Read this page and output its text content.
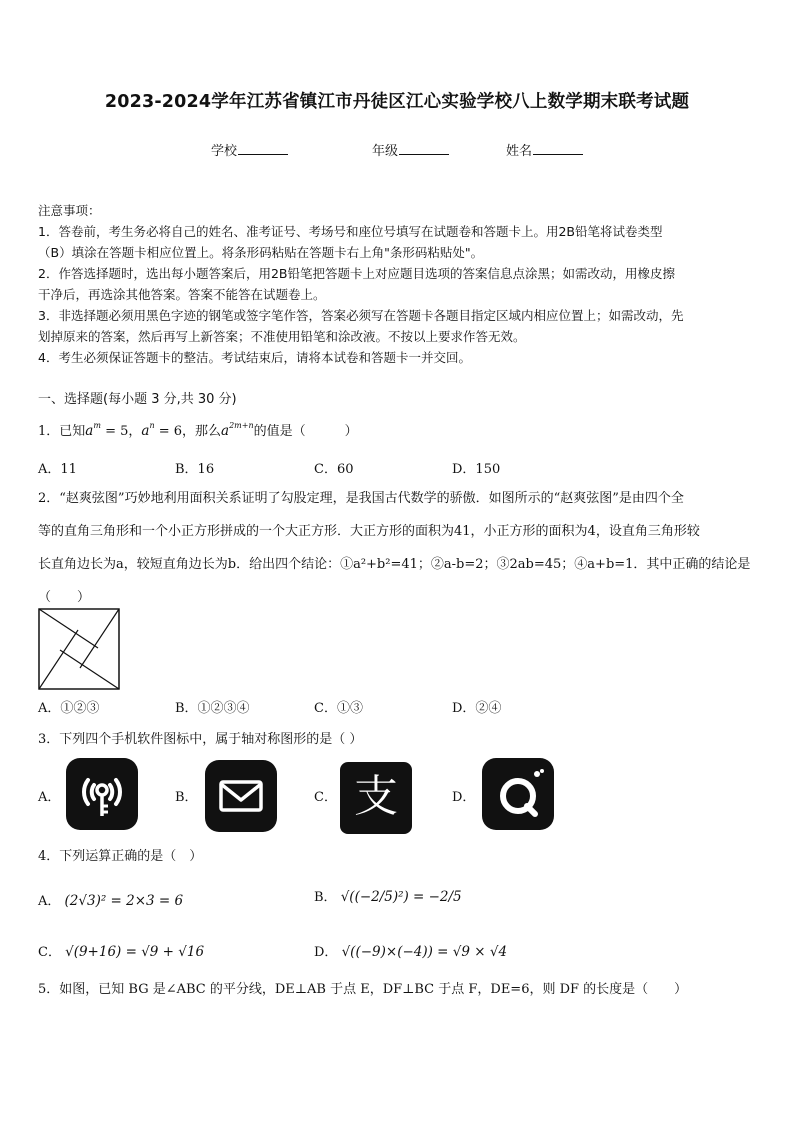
2023-2024学年江苏省镇江市丹徒区江心实验学校八上数学期末联考试题
学校	年级	姓名
注意事项：
1．答卷前，考生务必将自己的姓名、准考证号、考场号和座位号填写在试题卷和答题卡上。用2B铅笔将试卷类型
（B）填涂在答题卡相应位置上。将条形码粘贴在答题卡右上角"条形码粘贴处"。
2．作答选择题时，选出每小题答案后，用2B铅笔把答题卡上对应题目选项的答案信息点涂黑；如需改动，用橡皮擦
干净后，再选涂其他答案。答案不能答在试题卷上。
3．非选择题必须用黑色字迹的钢笔或签字笔作答，答案必须写在答题卡各题目指定区域内相应位置上；如需改动，先
划掉原来的答案，然后再写上新答案；不准使用铅笔和涂改液。不按以上要求作答无效。
4．考生必须保证答题卡的整洁。考试结束后，请将本试卷和答题卡一并交回。
一、选择题(每小题 3 分,共 30 分)
1．已知$a^m = 5$，$a^n = 6$，那么$a^{2m+n}$的值是（　　　）
A．11	B．16	C．60	D．150
2．“赵爽弦图”巧妙地利用面积关系证明了勾股定理，是我国古代数学的骄傲．如图所示的“赵爽弦图”是由四个全
等的直角三角形和一个小正方形拼成的一个大正方形．大正方形的面积为41，小正方形的面积为4，设直角三角形较
长直角边长为a，较短直角边长为b．给出四个结论：①a²+b²=41；②a-b=2；③2ab=45；④a+b=1．其中正确的结论是
（　　）
A．①②③	B．①②③④	C．①③	D．②④
3．下列四个手机软件图标中，属于轴对称图形的是（ ）
A．	B．	C． 支	D．
4．下列运算正确的是（　）
A． (2√3)² = 2×3 = 6	B． √((−2/5)²) = −2/5
C． √(9+16) = √9 + √16	D． √((−9)×(−4)) = √9 × √4
5．如图，已知 BG 是∠ABC 的平分线，DE⊥AB 于点 E，DF⊥BC 于点 F，DE=6，则 DF 的长度是（　　）
